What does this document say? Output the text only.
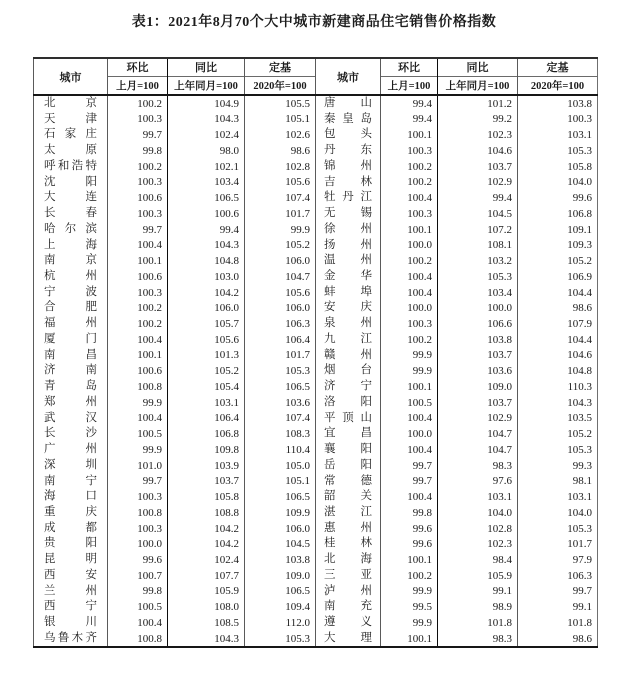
表1：2021年8月70个大中城市新建商品住宅销售价格指数
城市	环比	同比	定基	城市	环比	同比	定基
	上月=100	上年同月=100	2020年=100		上月=100	上年同月=100	2020年=100

北 京	100.2	104.9	105.5	唐 山	99.4	101.2	103.8

天 津	100.3	104.3	105.1	秦 皇 岛	99.4	99.2	100.3

石 家 庄	99.7	102.4	102.6	包 头	100.1	102.3	103.1

太 原	99.8	98.0	98.6	丹 东	100.3	104.6	105.3

呼 和 浩 特	100.2	102.1	102.8	锦 州	100.2	103.7	105.8

沈 阳	100.3	103.4	105.6	吉 林	100.2	102.9	104.0

大 连	100.6	106.5	107.4	牡 丹 江	100.4	99.4	99.6

长 春	100.3	100.6	101.7	无 锡	100.3	104.5	106.8

哈 尔 滨	99.7	99.4	99.9	徐 州	100.1	107.2	109.1

上 海	100.4	104.3	105.2	扬 州	100.0	108.1	109.3

南 京	100.1	104.8	106.0	温 州	100.2	103.2	105.2

杭 州	100.6	103.0	104.7	金 华	100.4	105.3	106.9

宁 波	100.3	104.2	105.6	蚌 埠	100.4	103.4	104.4

合 肥	100.2	106.0	106.0	安 庆	100.0	100.0	98.6

福 州	100.2	105.7	106.3	泉 州	100.3	106.6	107.9

厦 门	100.4	105.6	106.4	九 江	100.2	103.8	104.4

南 昌	100.1	101.3	101.7	赣 州	99.9	103.7	104.6

济 南	100.6	105.2	105.3	烟 台	99.9	103.6	104.8

青 岛	100.8	105.4	106.5	济 宁	100.1	109.0	110.3

郑 州	99.9	103.1	103.6	洛 阳	100.5	103.7	104.3

武 汉	100.4	106.4	107.4	平 顶 山	100.4	102.9	103.5

长 沙	100.5	106.8	108.3	宜 昌	100.0	104.7	105.2

广 州	99.9	109.8	110.4	襄 阳	100.4	104.7	105.3

深 圳	101.0	103.9	105.0	岳 阳	99.7	98.3	99.3

南 宁	99.7	103.7	105.1	常 德	99.7	97.6	98.1

海 口	100.3	105.8	106.5	韶 关	100.4	103.1	103.1

重 庆	100.8	108.8	109.9	湛 江	99.8	104.0	104.0

成 都	100.3	104.2	106.0	惠 州	99.6	102.8	105.3

贵 阳	100.0	104.2	104.5	桂 林	99.6	102.3	101.7

昆 明	99.6	102.4	103.8	北 海	100.1	98.4	97.9

西 安	100.7	107.7	109.0	三 亚	100.2	105.9	106.3

兰 州	99.8	105.9	106.5	泸 州	99.9	99.1	99.7

西 宁	100.5	108.0	109.4	南 充	99.5	98.9	99.1

银 川	100.4	108.5	112.0	遵 义	99.9	101.8	101.8

乌 鲁 木 齐	100.8	104.3	105.3	大 理	100.1	98.3	98.6
